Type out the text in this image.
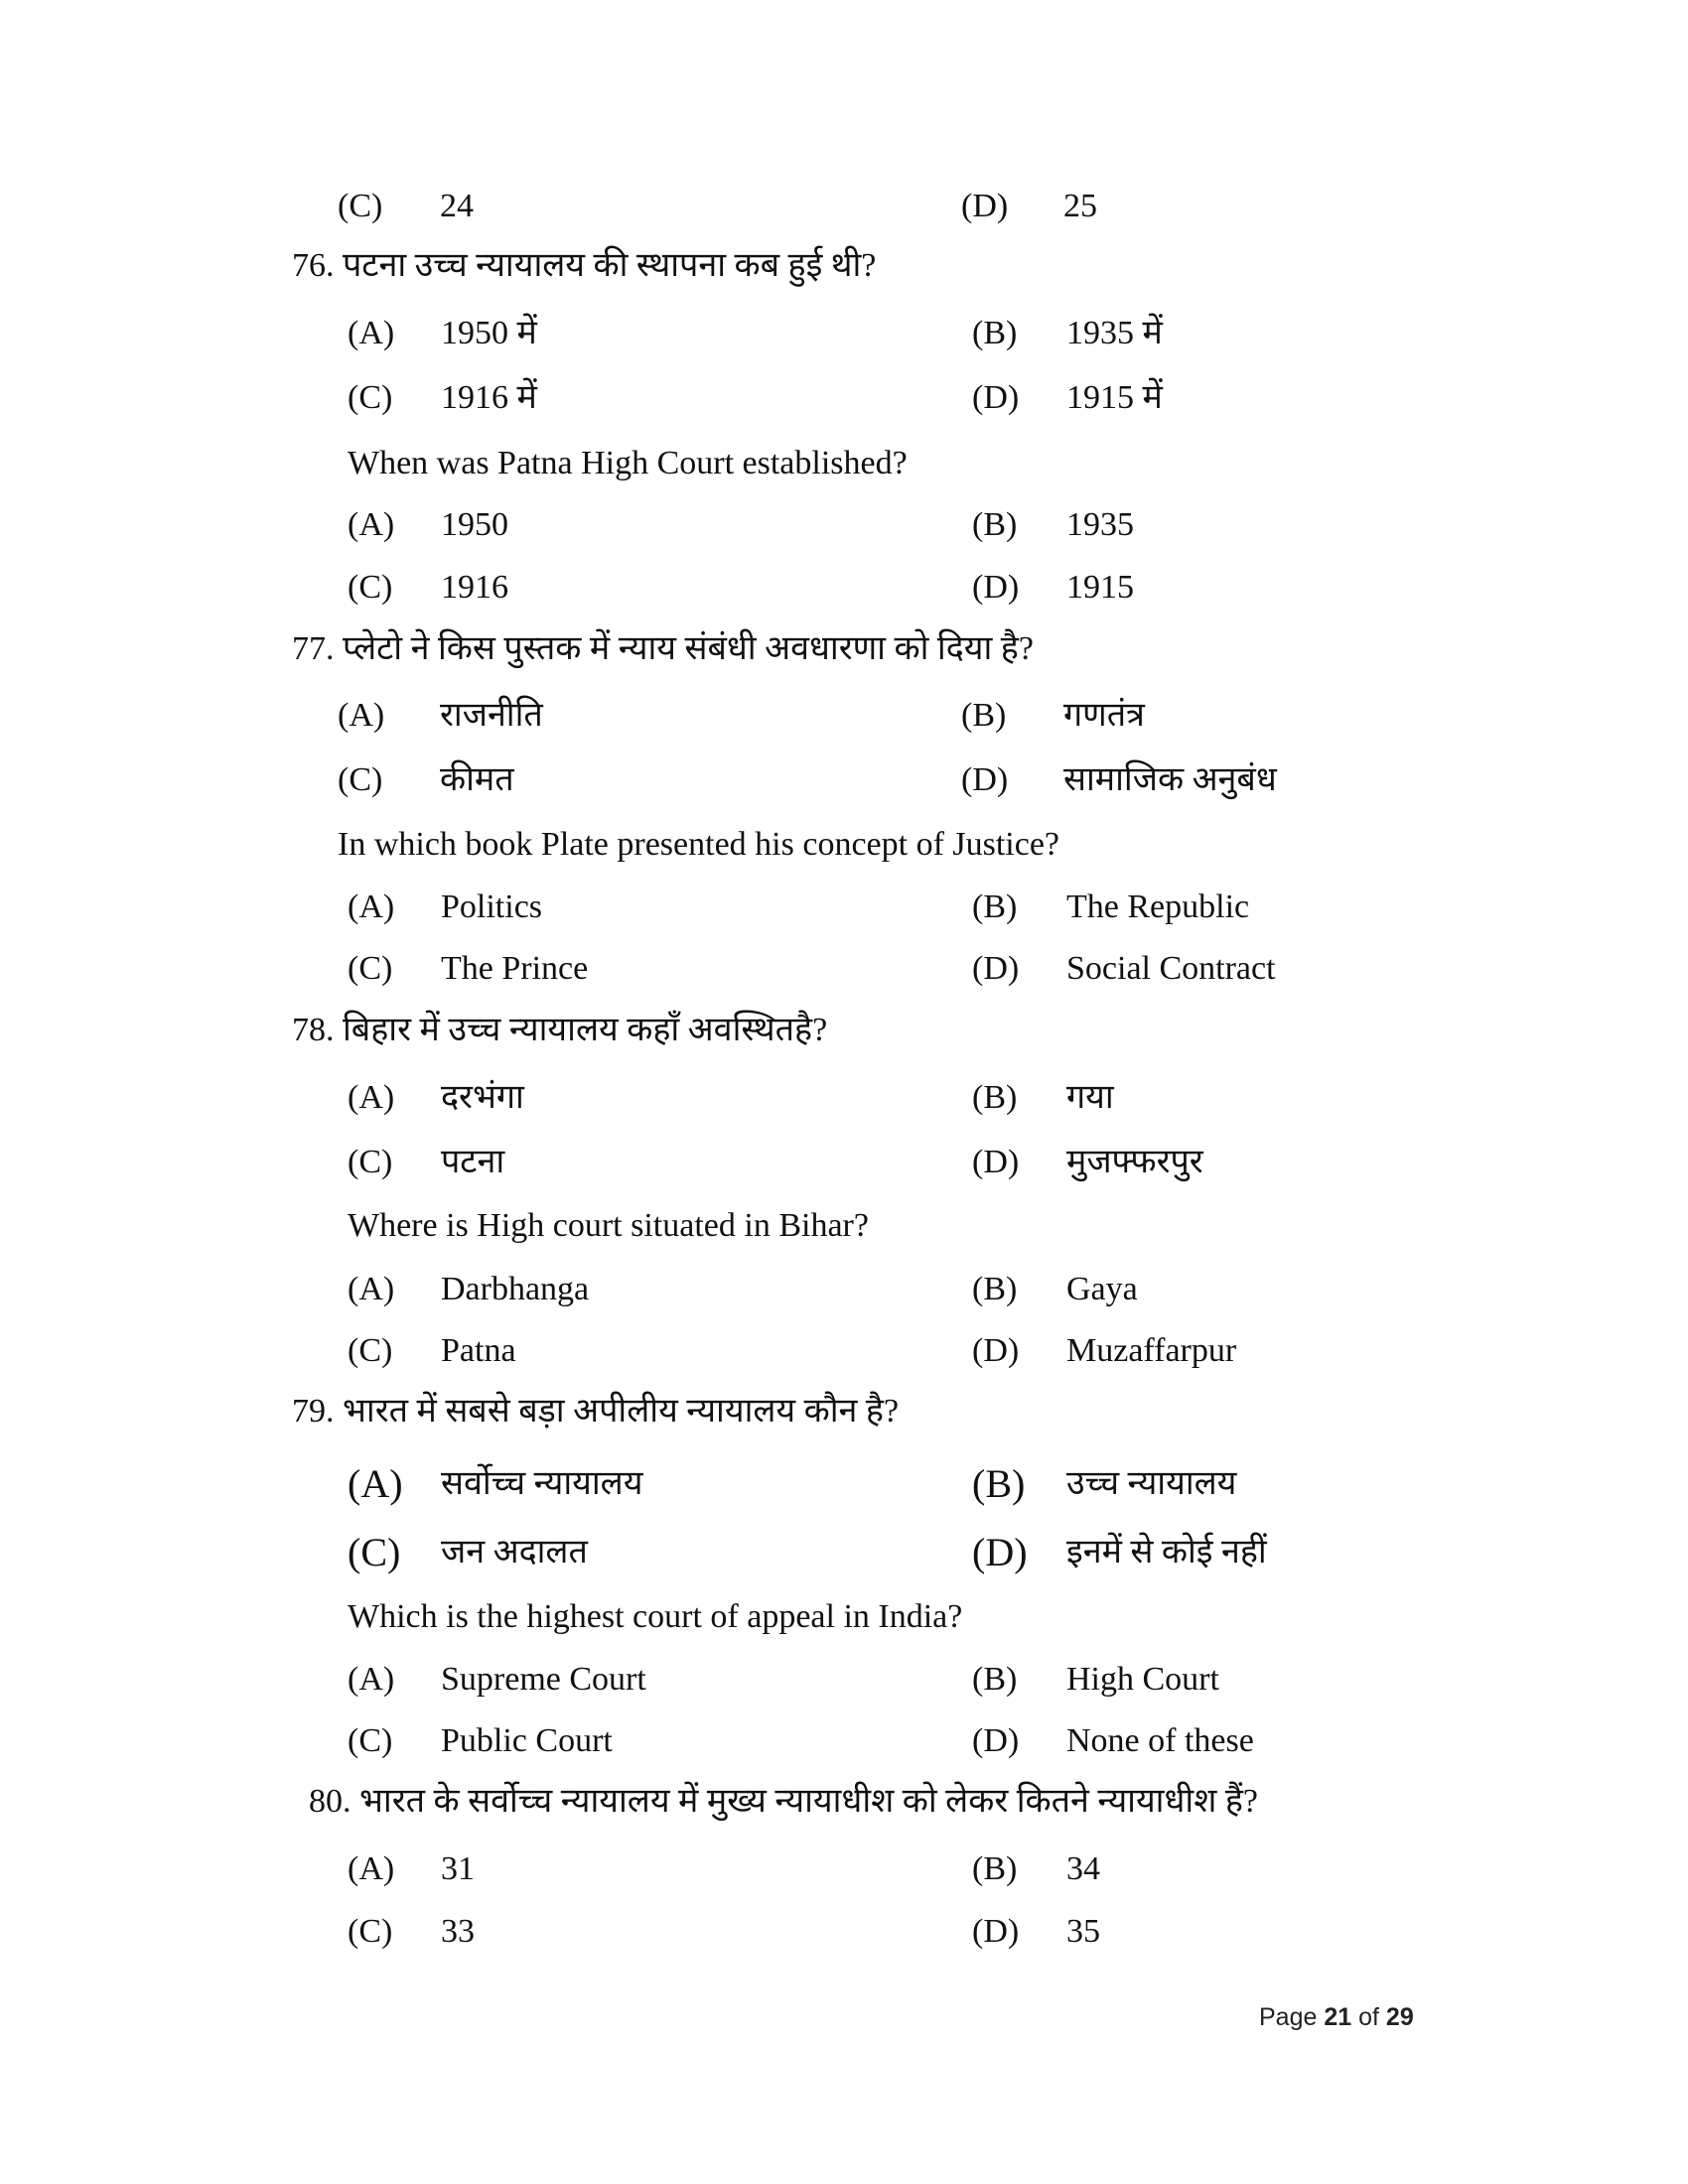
Page 21 of 29
(C) 24	(D) 25
76. पटना उच्च न्यायालय की स्थापना कब हुई थी?
(A) 1950 में	(B) 1935 में
(C) 1916 में	(D) 1915 में
When was Patna High Court established?
(A) 1950	(B) 1935
(C) 1916	(D) 1915
77. प्लेटो ने किस पुस्तक में न्याय संबंधी अवधारणा को दिया है?
(A) राजनीति	(B) गणतंत्र
(C) कीमत	(D) सामाजिक अनुबंध
In which book Plate presented his concept of Justice?
(A) Politics	(B) The Republic
(C) The Prince	(D) Social Contract
78. बिहार में उच्च न्यायालय कहाँ अवस्थितहै?
(A) दरभंगा	(B) गया
(C) पटना	(D) मुजफ्फरपुर
Where is High court situated in Bihar?
(A) Darbhanga	(B) Gaya
(C) Patna	(D) Muzaffarpur
79. भारत में सबसे बड़ा अपीलीय न्यायालय कौन है?
(A) सर्वोच्च न्यायालय	(B) उच्च न्यायालय
(C) जन अदालत	(D) इनमें से कोई नहीं
Which is the highest court of appeal in India?
(A) Supreme Court	(B) High Court
(C) Public Court	(D) None of these
80. भारत के सर्वोच्च न्यायालय में मुख्य न्यायाधीश को लेकर कितने न्यायाधीश हैं?
(A) 31	(B) 34
(C) 33	(D) 35
